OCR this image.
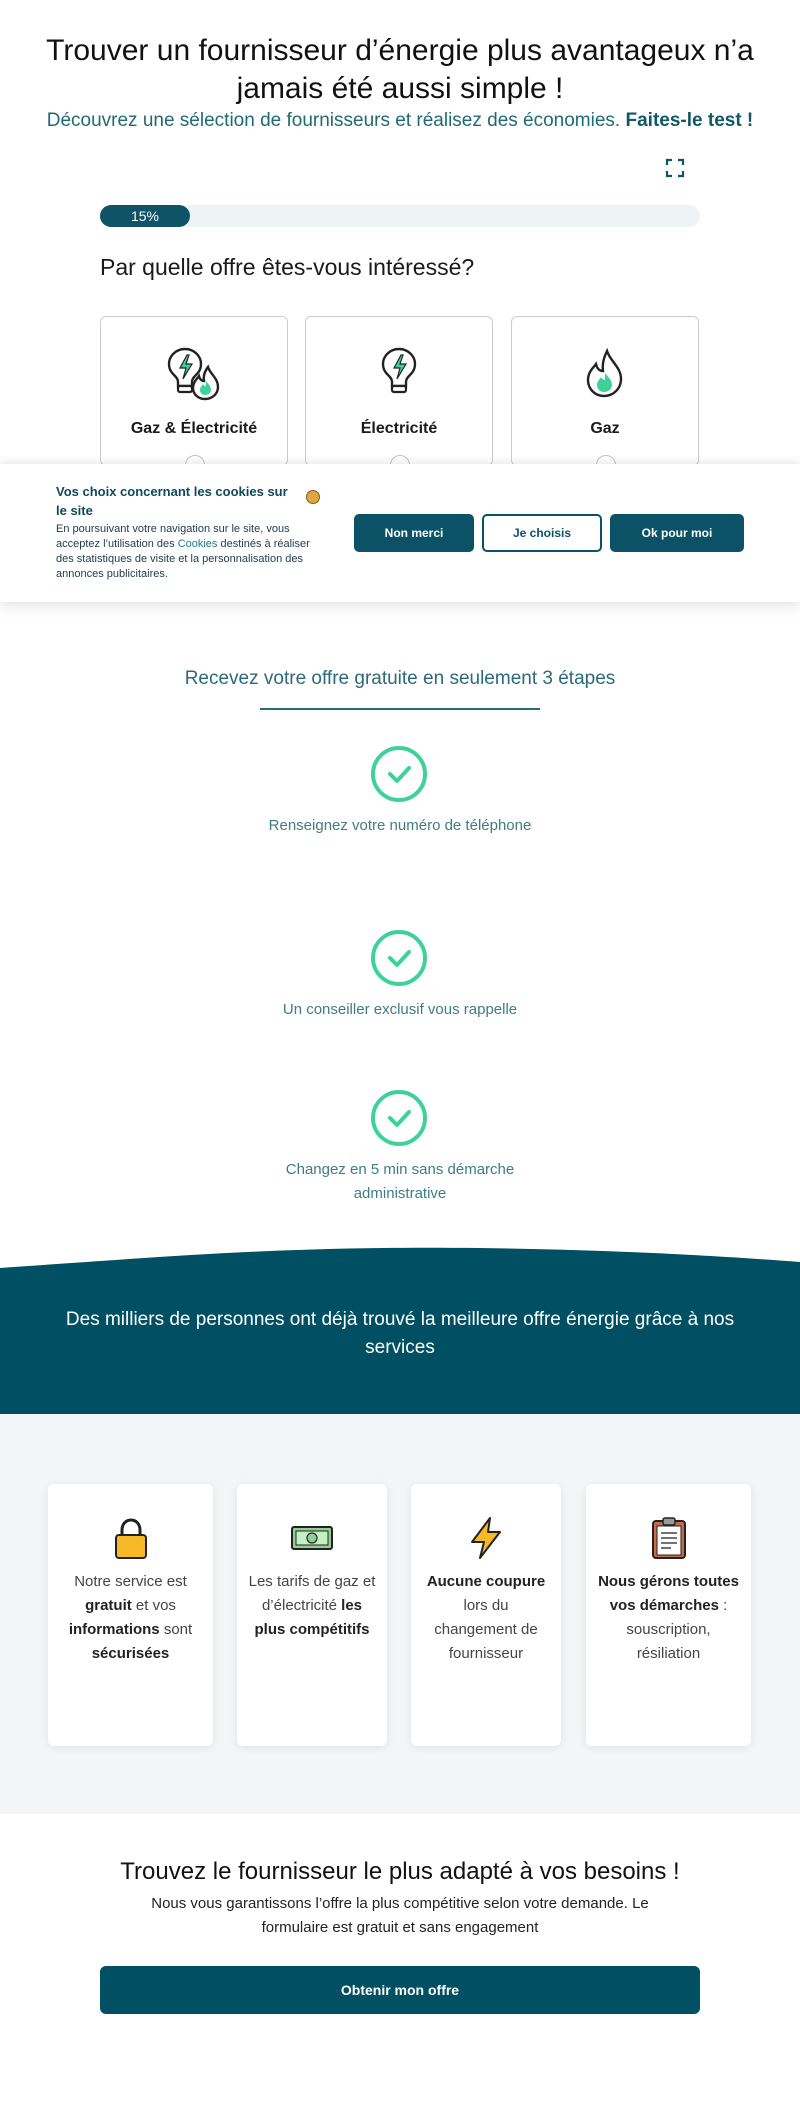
Trouver un fournisseur d’énergie plus avantageux n’a jamais été aussi simple !
Découvrez une sélection de fournisseurs et réalisez des économies. Faites-le test !
15%
Par quelle offre êtes-vous intéressé?
Gaz & Électricité	Électricité	Gaz
Vos choix concernant les cookies sur le site
En poursuivant votre navigation sur le site, vous acceptez l’utilisation des Cookies destinés à réaliser des statistiques de visite et la personnalisation des annonces publicitaires.
Non merci	Je choisis	Ok pour moi
Recevez votre offre gratuite en seulement 3 étapes
Renseignez votre numéro de téléphone
Un conseiller exclusif vous rappelle
Changez en 5 min sans démarche administrative
Des milliers de personnes ont déjà trouvé la meilleure offre énergie grâce à nos services
Notre service est gratuit et vos informations sont sécurisées
Les tarifs de gaz et d’électricité les plus compétitifs
Aucune coupure lors du changement de fournisseur
Nous gérons toutes vos démarches : souscription, résiliation
Trouvez le fournisseur le plus adapté à vos besoins !
Nous vous garantissons l’offre la plus compétitive selon votre demande. Le formulaire est gratuit et sans engagement
Obtenir mon offre
